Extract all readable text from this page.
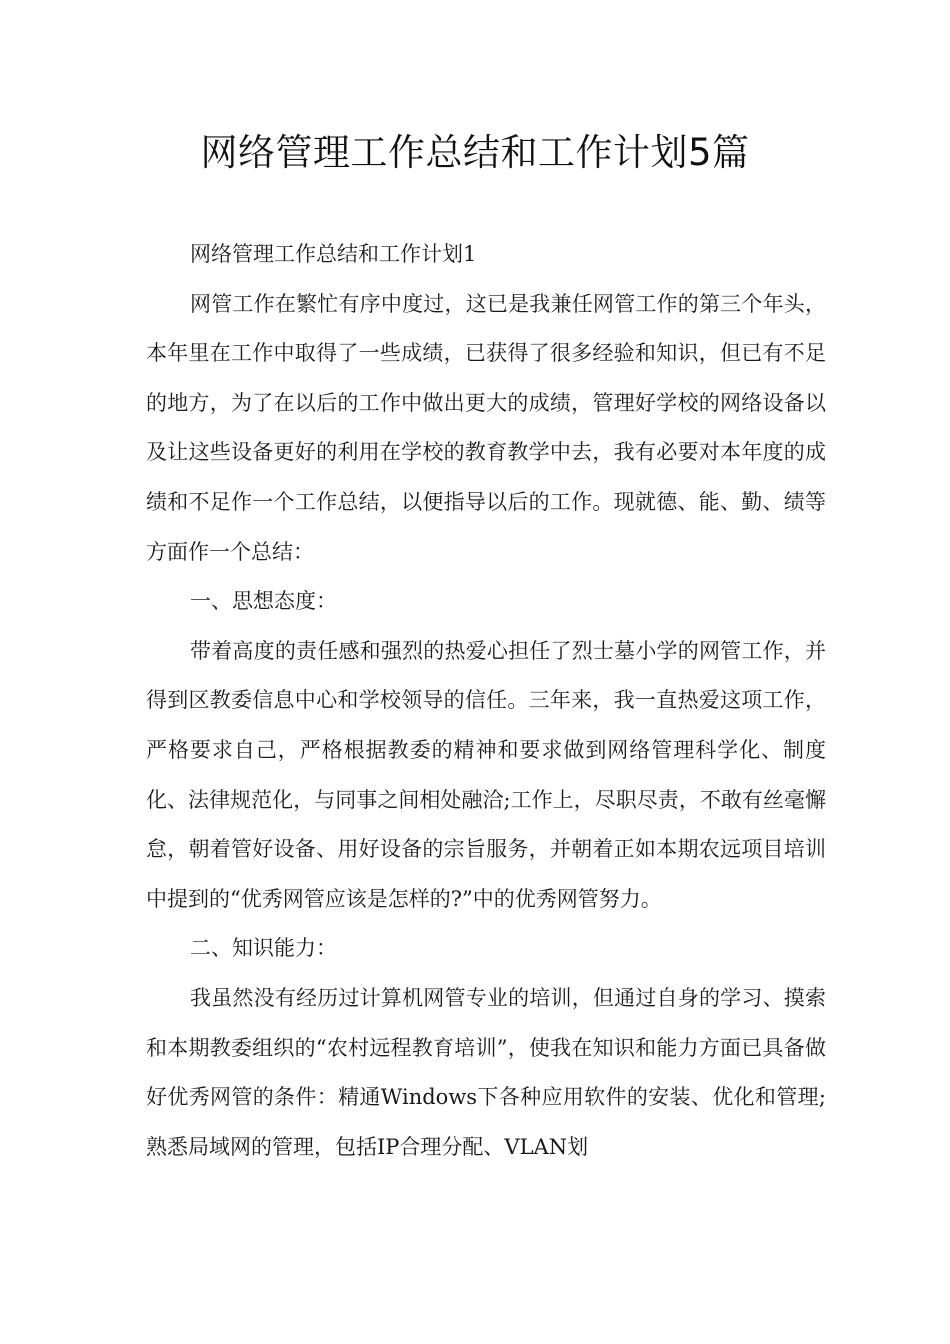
网络管理工作总结和工作计划5篇

网络管理工作总结和工作计划1

网管工作在繁忙有序中度过，这已是我兼任网管工作的第三个年头，本年里在工作中取得了一些成绩，已获得了很多经验和知识，但已有不足的地方，为了在以后的工作中做出更大的成绩，管理好学校的网络设备以及让这些设备更好的利用在学校的教育教学中去，我有必要对本年度的成绩和不足作一个工作总结，以便指导以后的工作。现就德、能、勤、绩等方面作一个总结：

一、思想态度：

带着高度的责任感和强烈的热爱心担任了烈士墓小学的网管工作，并得到区教委信息中心和学校领导的信任。三年来，我一直热爱这项工作，严格要求自己，严格根据教委的精神和要求做到网络管理科学化、制度化、法律规范化，与同事之间相处融洽;工作上，尽职尽责，不敢有丝毫懈怠，朝着管好设备、用好设备的宗旨服务，并朝着正如本期农远项目培训中提到的“优秀网管应该是怎样的?”中的优秀网管努力。

二、知识能力：

我虽然没有经历过计算机网管专业的培训，但通过自身的学习、摸索和本期教委组织的“农村远程教育培训”，使我在知识和能力方面已具备做好优秀网管的条件：精通Windows下各种应用软件的安装、优化和管理;熟悉局域网的管理，包括IP合理分配、VLAN划
